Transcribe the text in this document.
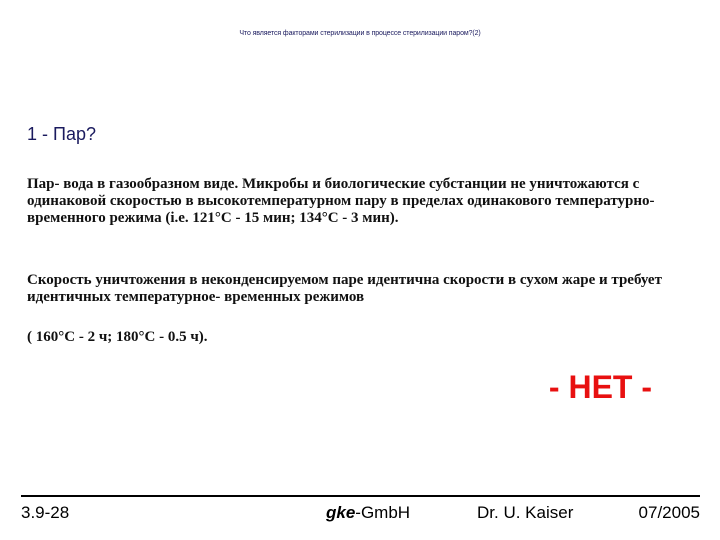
Что является факторами стерилизации в процессе стерилизации паром?(2)
1 - Пар?

Пар- вода в газообразном виде. Микробы и биологические субстанции не уничтожаются с одинаковой скоростью в высокотемпературном пару в пределах одинакового температурно-временного режима (i.e. 121°C - 15 мин; 134°C - 3 мин).

Скорость уничтожения в неконденсируемом паре идентична скорости в сухом жаре и требует идентичных температурное- временных режимов

( 160°C - 2 ч; 180°C - 0.5 ч).

- НЕТ -
3.9-28	gke-GmbH	Dr. U. Kaiser	07/2005
